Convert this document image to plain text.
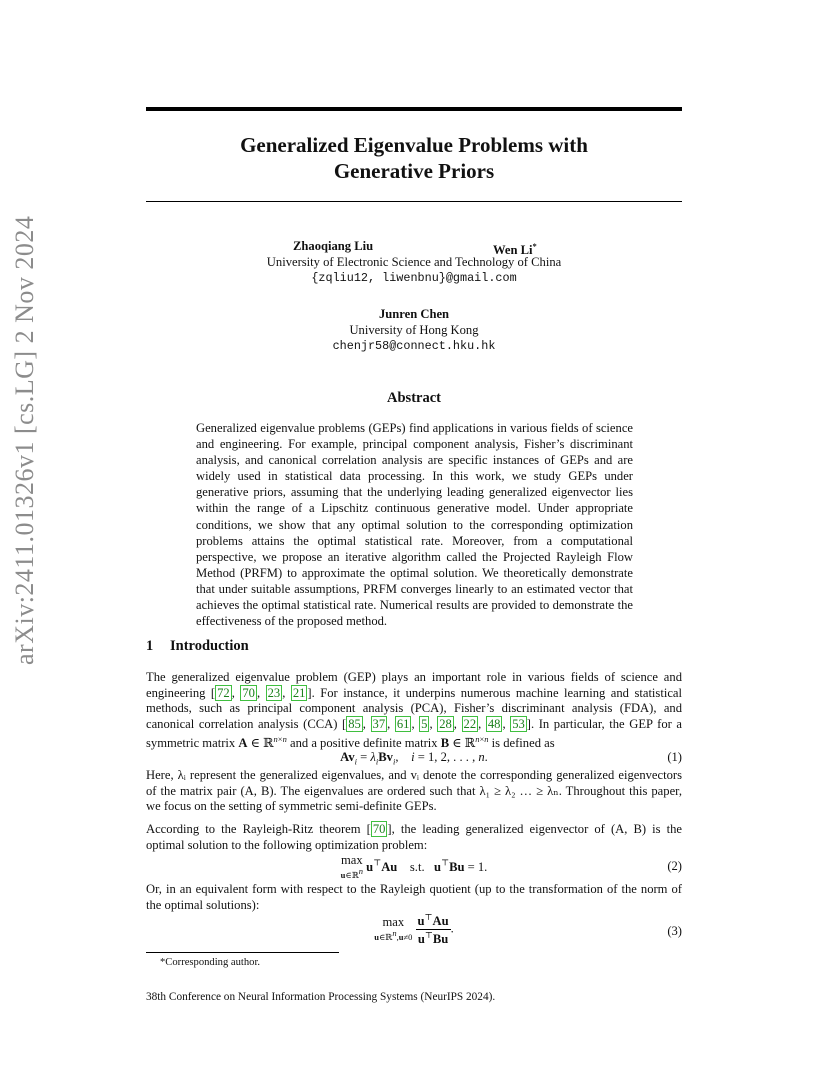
arXiv:2411.01326v1 [cs.LG] 2 Nov 2024
Generalized Eigenvalue Problems with
Generative Priors
Zhaoqiang Liu	Wen Li*
University of Electronic Science and Technology of China
{zqliu12, liwenbnu}@gmail.com
Junren Chen
University of Hong Kong
chenjr58@connect.hku.hk
Abstract
Generalized eigenvalue problems (GEPs) find applications in various fields of science and engineering. For example, principal component analysis, Fisher’s discriminant analysis, and canonical correlation analysis are specific instances of GEPs and are widely used in statistical data processing. In this work, we study GEPs under generative priors, assuming that the underlying leading generalized eigenvector lies within the range of a Lipschitz continuous generative model. Under appropriate conditions, we show that any optimal solution to the corresponding optimization problems attains the optimal statistical rate. Moreover, from a computational perspective, we propose an iterative algorithm called the Projected Rayleigh Flow Method (PRFM) to approximate the optimal solution. We theoretically demonstrate that under suitable assumptions, PRFM converges linearly to an estimated vector that achieves the optimal statistical rate. Numerical results are provided to demonstrate the effectiveness of the proposed method.
1 Introduction

The generalized eigenvalue problem (GEP) plays an important role in various fields of science and engineering [ 72 , 70 , 23 , 21 ]. For instance, it underpins numerous machine learning and statistical methods, such as principal component analysis (PCA), Fisher’s discriminant analysis (FDA), and canonical correlation analysis (CCA) [ 85 , 37 , 61 , 5 , 28 , 22 , 48 , 53 ]. In particular, the GEP for a symmetric matrix A ∈ ℝ$^{n\times n}$ and a positive definite matrix B ∈ ℝ$^{n\times n}$ is defined as

$Av_i = \lambda_iBv_i$,    i = 1, 2, . . . , n.	(1)

Here, λᵢ represent the generalized eigenvalues, and vᵢ denote the corresponding generalized eigenvectors of the matrix pair (A, B). The eigenvalues are ordered such that λ₁ ≥ λ₂ … ≥ λₙ. Throughout this paper, we focus on the setting of symmetric semi-definite GEPs.

According to the Rayleigh-Ritz theorem [ 70 ], the leading generalized eigenvector of (A, B) is the optimal solution to the following optimization problem:

max
u∈ℝ$^n$ u⊤Au s.t. u⊤Bu = 1.	(2)

Or, in an equivalent form with respect to the Rayleigh quotient (up to the transformation of the norm of the optimal solutions):

max
u∈ℝ$^n$,u≠0
$\frac{u^⊤Au}{u^⊤Bu}$ .	(3)
*Corresponding author.
38th Conference on Neural Information Processing Systems (NeurIPS 2024).
